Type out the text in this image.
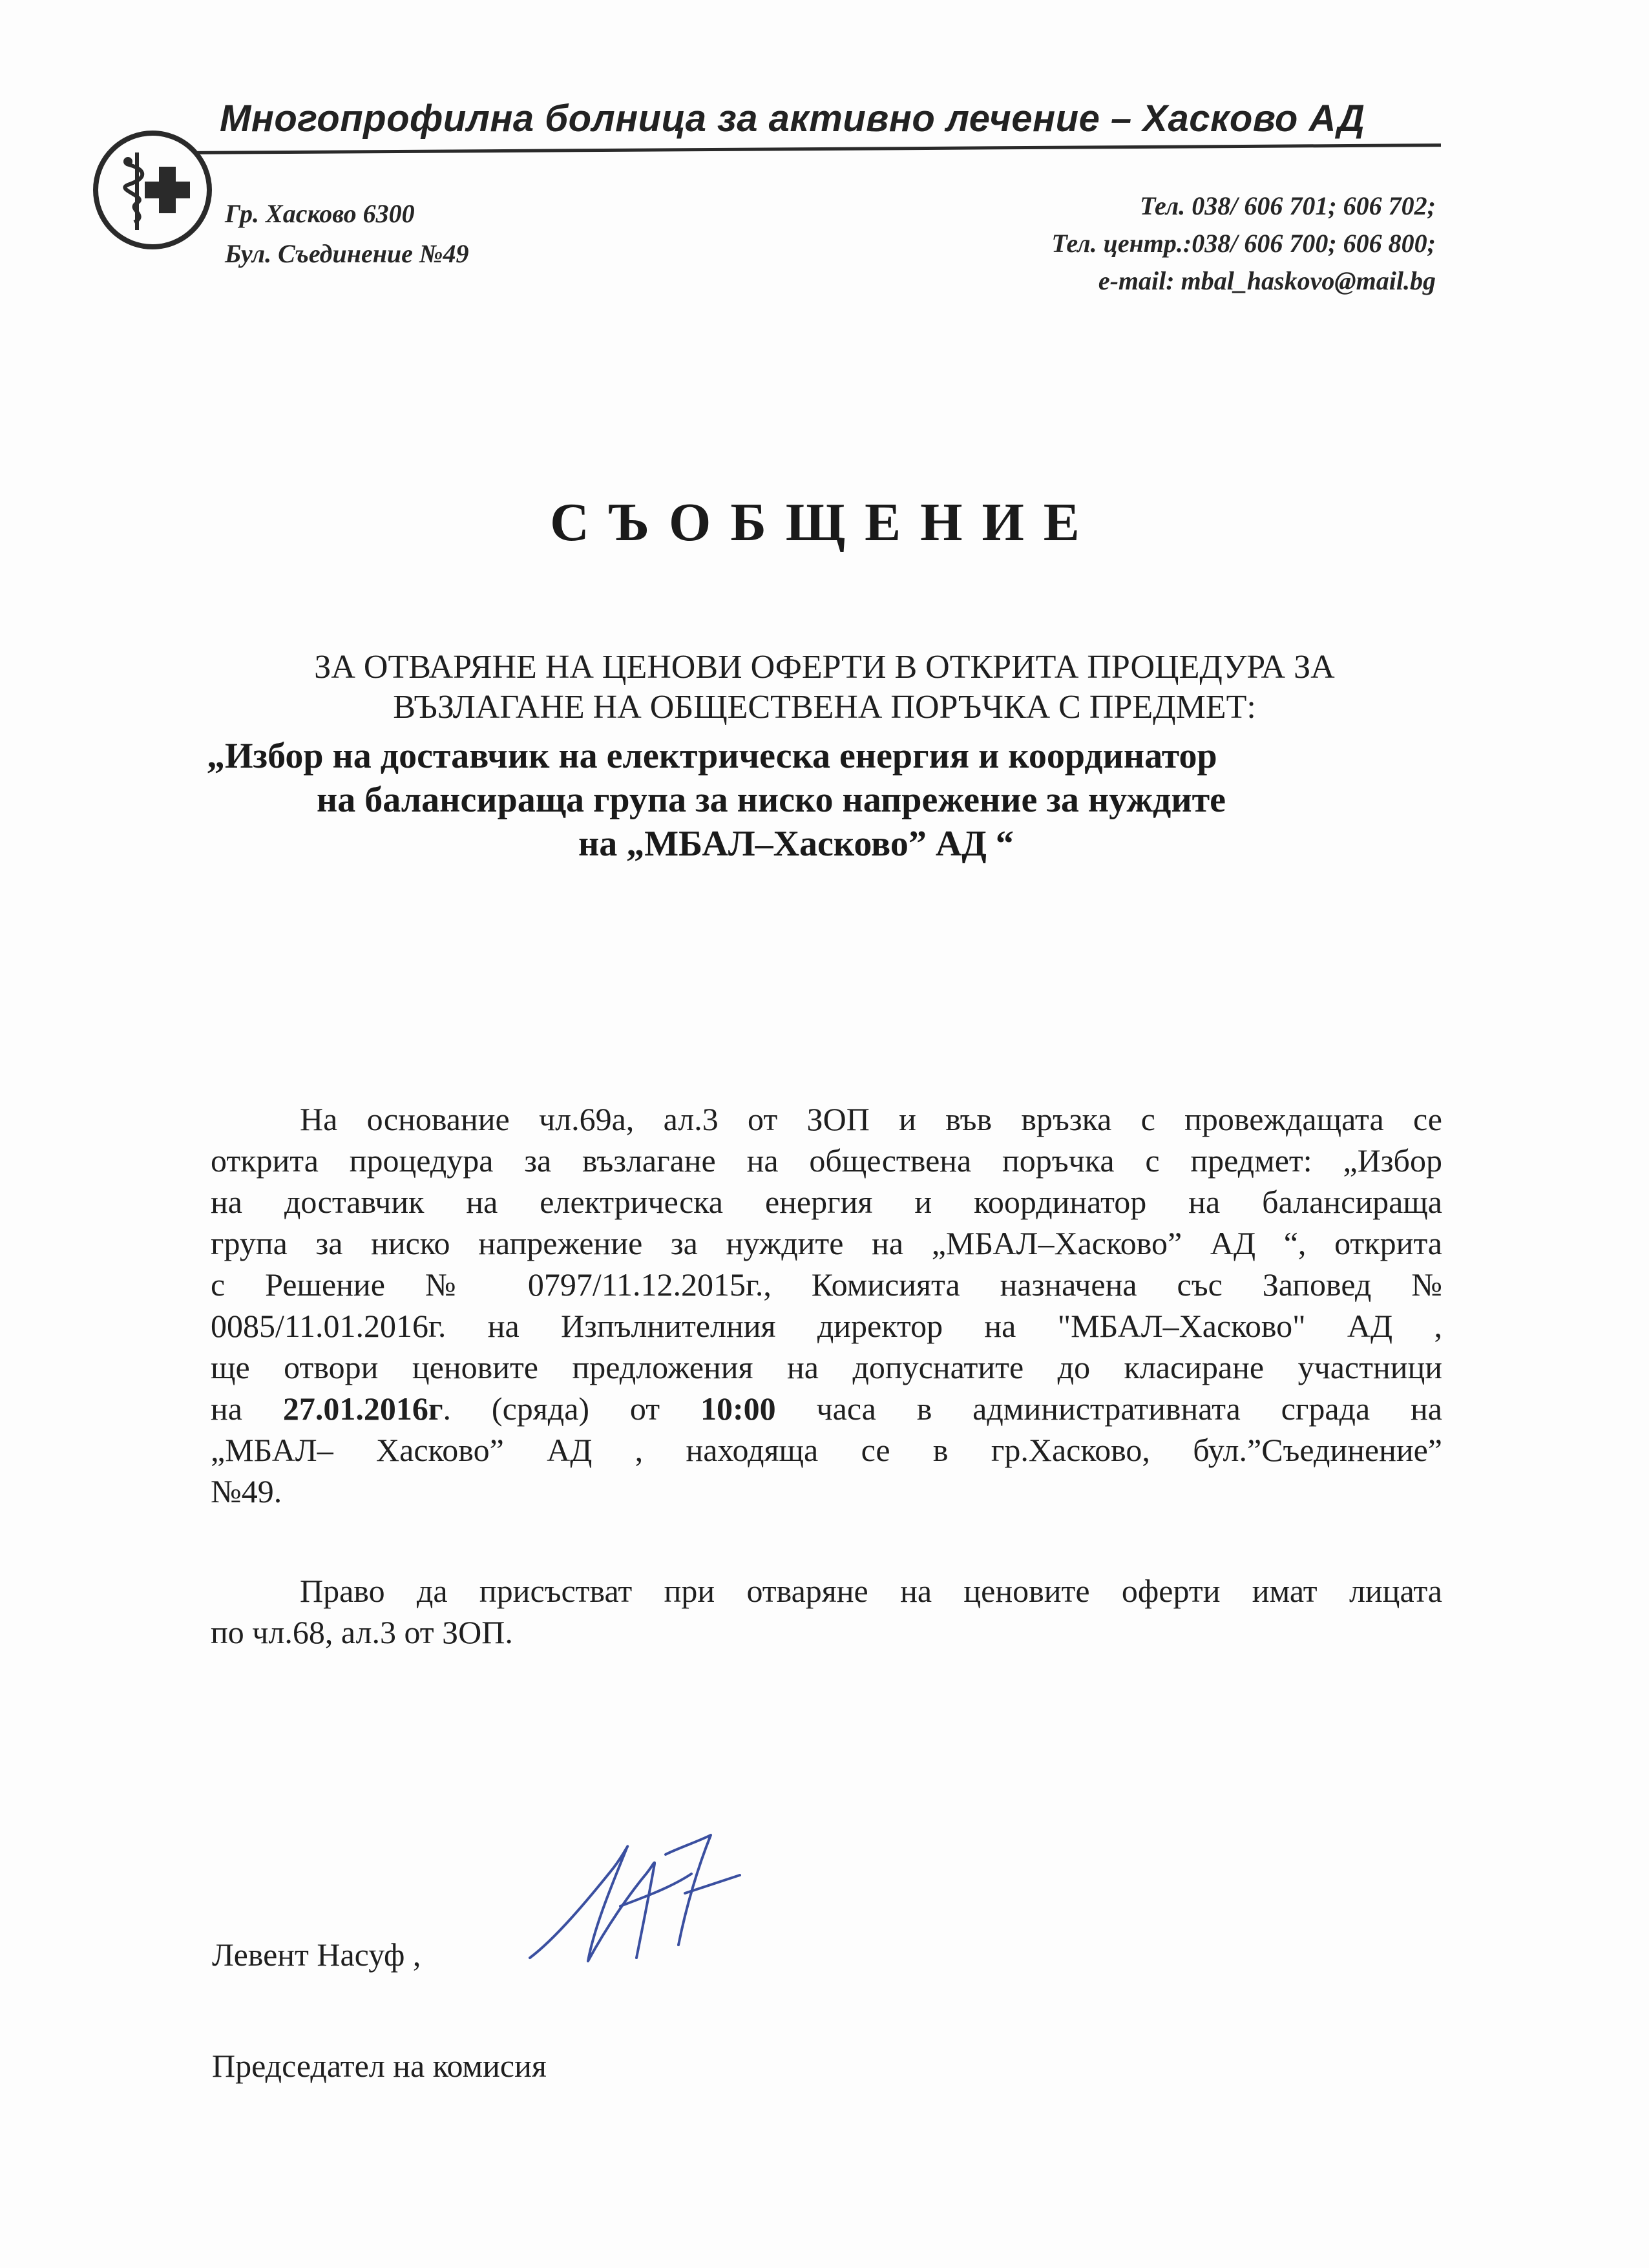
Многопрофилна болница за активно лечение – Хасково АД
Гр. Хасково 6300
Бул. Съединение №49
Тел. 038/ 606 701; 606 702;
Тел. центр.:038/ 606 700; 606 800;
e-mail: mbal_haskovo@mail.bg
СЪОБЩЕНИЕ
ЗА ОТВАРЯНЕ НА ЦЕНОВИ ОФЕРТИ В ОТКРИТА ПРОЦЕДУРА ЗА
ВЪЗЛАГАНЕ НА ОБЩЕСТВЕНА ПОРЪЧКА С ПРЕДМЕТ:
„Избор на доставчик на електрическа енергия и координатор
на балансираща група за ниско напрежение за нуждите
на „МБАЛ–Хасково” АД “
На основание чл.69а, ал.3 от ЗОП и във връзка с провеждащата се
открита процедура за възлагане на обществена поръчка с предмет: „Избор
на доставчик на електрическа енергия и координатор на балансираща
група за ниско напрежение за нуждите на „МБАЛ–Хасково” АД “, открита
с Решение № 0797/11.12.2015г., Комисията назначена със Заповед №
0085/11.01.2016г. на Изпълнителния директор на "МБАЛ–Хасково" АД ,
ще отвори ценовите предложения на допуснатите до класиране участници
на 27.01.2016г. (сряда) от 10:00 часа в административната сграда на
„МБАЛ– Хасково” АД , находяща се в гр.Хасково, бул.”Съединение”
№49.
Право да присъстват при отваряне на ценовите оферти имат лицата
по чл.68, ал.3 от ЗОП.
Левент Насуф ,
Председател на комисия
